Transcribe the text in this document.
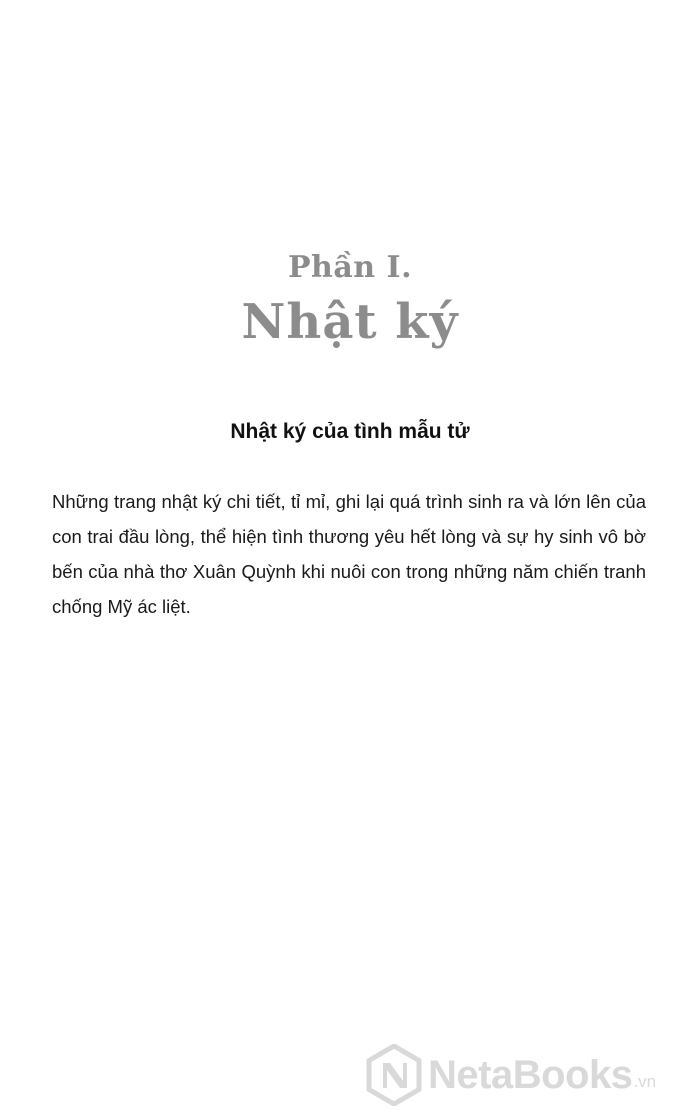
Phần I.
Nhật ký
Nhật ký của tình mẫu tử

Những trang nhật ký chi tiết, tỉ mỉ, ghi lại quá trình sinh ra và lớn lên của con trai đầu lòng, thể hiện tình thương yêu hết lòng và sự hy sinh vô bờ bến của nhà thơ Xuân Quỳnh khi nuôi con trong những năm chiến tranh chống Mỹ ác liệt.

NetaBooks .vn
